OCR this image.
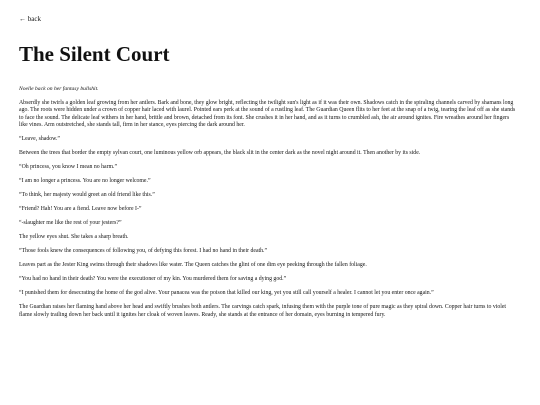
← back
The Silent Court

Noelle back on her fantasy bullshit.

Abserdly she twirls a golden leaf growing from her antlers. Bark and bone, they glow bright, reflecting the twilight sun's light as if it was their own. Shadows catch in the spiraling channels carved by shamans long ago. The roots were hidden under a crown of copper hair laced with laurel. Pointed ears perk at the sound of a rustling leaf. The Guardian Queen flits to her feet at the snap of a twig, tearing the leaf off as she stands to face the sound. The delicate leaf withers in her hand, brittle and brown, detached from its font. She crushes it in her hand, and as it turns to crumbled ash, the air around ignites. Fire wreathes around her fingers like vines. Arm outstretched, she stands tall, firm in her stance, eyes piercing the dark around her.

“Leave, shadow.”

Between the trees that border the empty sylvan court, one luminous yellow orb appears, the black slit in the center dark as the novel night around it. Then another by its side.

“Oh princess, you know I mean no harm.”

“I am no longer a princess. You are no longer welcome.”

“To think, her majesty would greet an old friend like this.”

“Friend? Hah! You are a fiend. Leave now before I-”

“-slaughter me like the rest of your jesters?”

The yellow eyes shut. She takes a sharp breath.

“Those fools knew the consequences of following you, of defying this forest. I had no hand in their death.”

Leaves part as the Jester King swims through their shadows like water. The Queen catches the glint of one dim eye peeking through the fallen foliage.

“You had no hand in their death? You were the executioner of my kin. You murdered them for saving a dying god.”

“I punished them for desecrating the home of the god alive. Your panacea was the poison that killed our king, yet you still call yourself a healer. I cannot let you enter once again.”

The Guardian raises her flaming hand above her head and swiftly brushes both antlers. The carvings catch spark, infusing them with the purple tone of pure magic as they spiral down. Copper hair turns to violet flame slowly trailing down her back until it ignites her cloak of woven leaves. Ready, she stands at the entrance of her domain, eyes burning in tempered fury.
